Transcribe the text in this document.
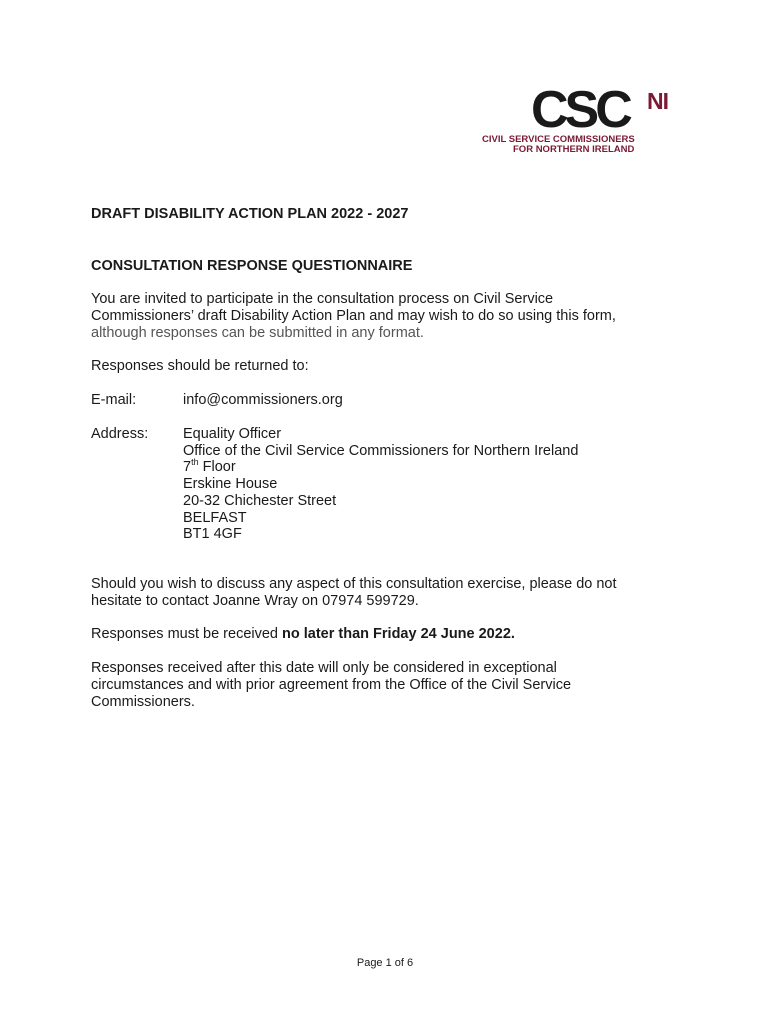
CSC NI
CIVIL SERVICE COMMISSIONERS
FOR NORTHERN IRELAND
DRAFT DISABILITY ACTION PLAN 2022 - 2027
CONSULTATION RESPONSE QUESTIONNAIRE
You are invited to participate in the consultation process on Civil Service
Commissioners’ draft Disability Action Plan and may wish to do so using this form,
although responses can be submitted in any format.
Responses should be returned to:
E-mail:	info@commissioners.org
Address: Equality Officer
Office of the Civil Service Commissioners for Northern Ireland
7th Floor
Erskine House
20-32 Chichester Street
BELFAST
BT1 4GF
Should you wish to discuss any aspect of this consultation exercise, please do not
hesitate to contact Joanne Wray on 07974 599729.
Responses must be received no later than Friday 24 June 2022.
Responses received after this date will only be considered in exceptional
circumstances and with prior agreement from the Office of the Civil Service
Commissioners.
Page 1 of 6
